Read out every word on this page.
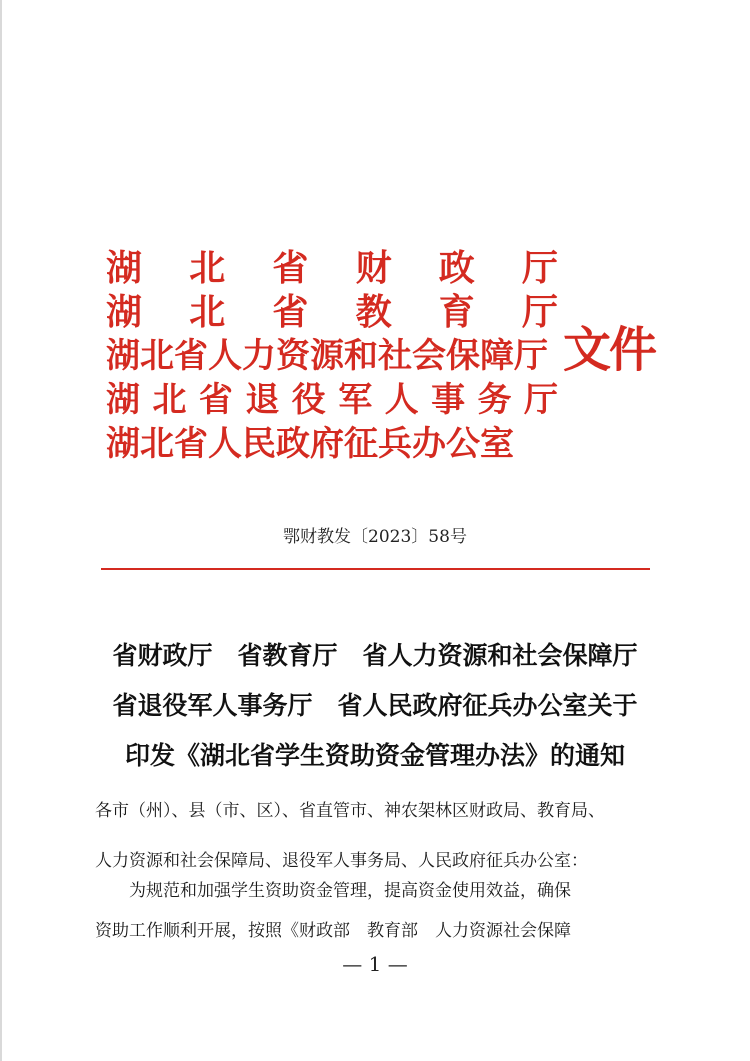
湖 北 省 财 政 厅
湖 北 省 教 育 厅
湖北省人力资源和社会保障厅
湖 北 省 退 役 军 人 事 务 厅
湖北省人民政府征兵办公室
文件
鄂财教发〔2023〕58号
省财政厅　省教育厅　省人力资源和社会保障厅
省退役军人事务厅　省人民政府征兵办公室关于
印发《湖北省学生资助资金管理办法》的通知
各市（州）、县（市、区）、省直管市、神农架林区财政局、教育局、
人力资源和社会保障局、退役军人事务局、人民政府征兵办公室：
为规范和加强学生资助资金管理，提高资金使用效益，确保
资助工作顺利开展，按照《财政部　教育部　人力资源社会保障
— 1 —
